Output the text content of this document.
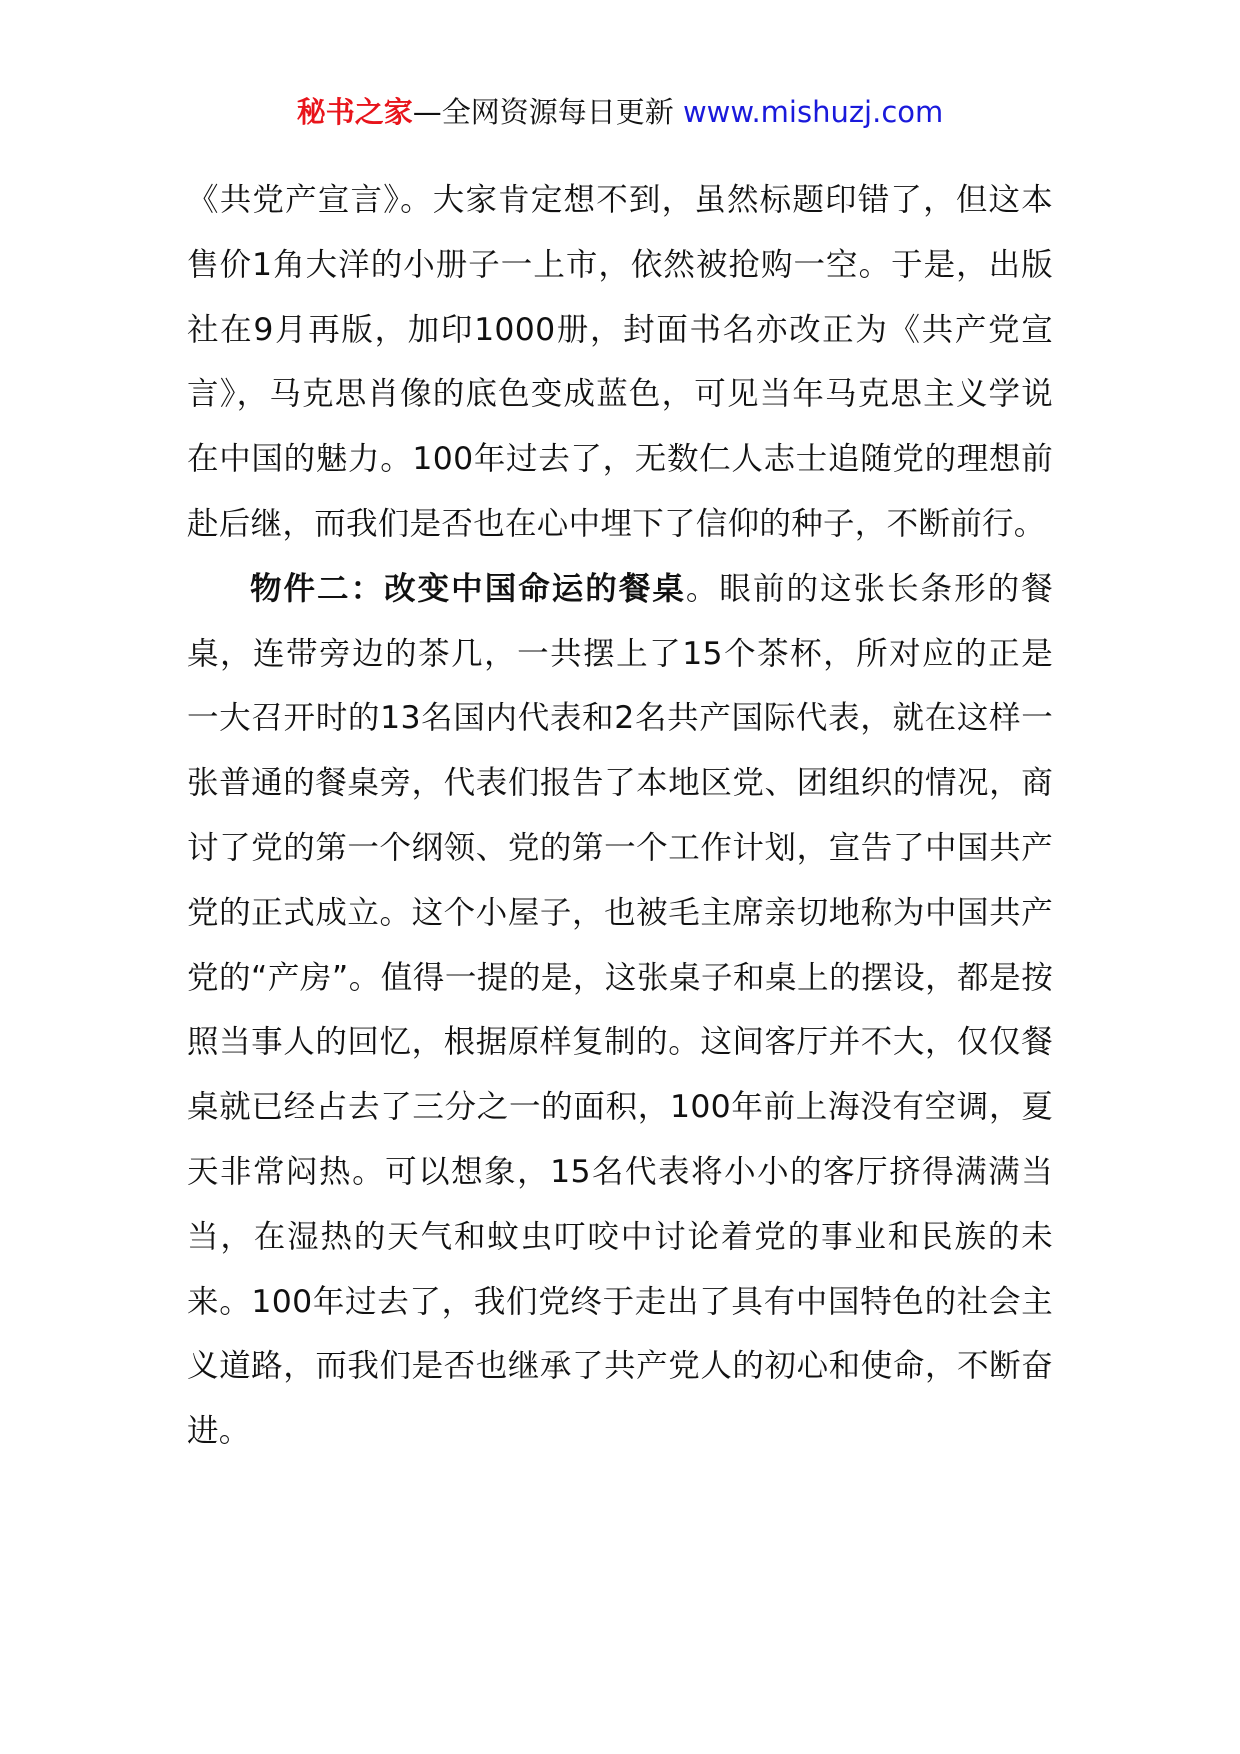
秘书之家—全网资源每日更新 www.mishuzj.com

《共党产宣言》。大家肯定想不到，虽然标题印错了，但这本售价1角大洋的小册子一上市，依然被抢购一空。于是，出版社在9月再版，加印1000册，封面书名亦改正为《共产党宣言》，马克思肖像的底色变成蓝色，可见当年马克思主义学说在中国的魅力。100年过去了，无数仁人志士追随党的理想前赴后继，而我们是否也在心中埋下了信仰的种子，不断前行。

物件二：改变中国命运的餐桌。眼前的这张长条形的餐桌，连带旁边的茶几，一共摆上了15个茶杯，所对应的正是一大召开时的13名国内代表和2名共产国际代表，就在这样一张普通的餐桌旁，代表们报告了本地区党、团组织的情况，商讨了党的第一个纲领、党的第一个工作计划，宣告了中国共产党的正式成立。这个小屋子，也被毛主席亲切地称为中国共产党的“产房”。值得一提的是，这张桌子和桌上的摆设，都是按照当事人的回忆，根据原样复制的。这间客厅并不大，仅仅餐桌就已经占去了三分之一的面积，100年前上海没有空调，夏天非常闷热。可以想象，15名代表将小小的客厅挤得满满当当，在湿热的天气和蚊虫叮咬中讨论着党的事业和民族的未来。100年过去了，我们党终于走出了具有中国特色的社会主义道路，而我们是否也继承了共产党人的初心和使命，不断奋进。
